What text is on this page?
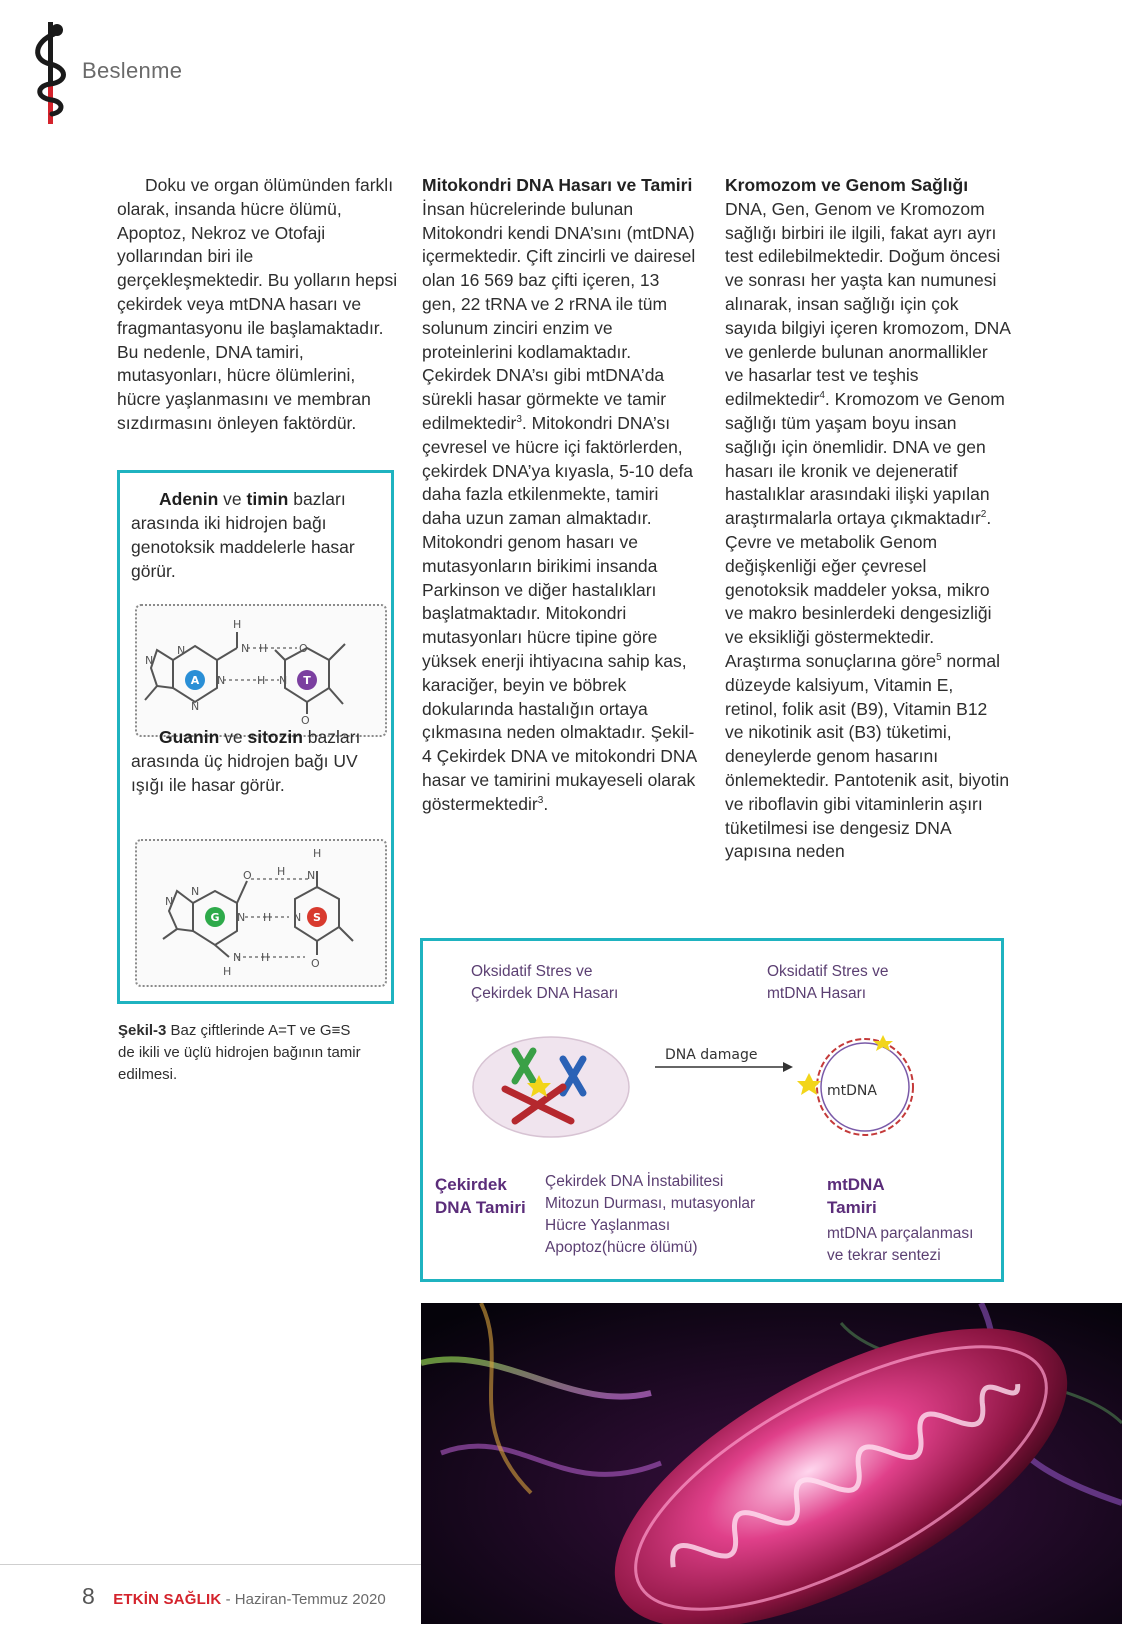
Beslenme

Doku ve organ ölümünden farklı olarak, insanda hücre ölümü, Apoptoz, Nekroz ve Otofaji yollarından biri ile gerçekleşmektedir. Bu yolların hepsi çekirdek veya mtDNA hasarı ve fragmantasyonu ile başlamaktadır. Bu nedenle, DNA tamiri, mutasyonları, hücre ölümlerini, hücre yaşlanmasını ve membran sızdırmasını önleyen faktördür.

Adenin ve timin bazları arasında iki hidrojen bağı genotoksik maddelerle hasar görür.
H
N H	O
N	H N
O
N
N
N
A	T
Guanin ve sitozin bazları arasında üç hidrojen bağı UV ışığı ile hasar görür.
O H N
H
N H N
N H	O
H
N
N
G	S
Şekil-3 Baz çiftlerinde A=T ve G≡S de ikili ve üçlü hidrojen bağının tamir edilmesi.
Mitokondri DNA Hasarı ve Tamiri

İnsan hücrelerinde bulunan Mitokondri kendi DNA’sını (mtDNA) içermektedir. Çift zincirli ve dairesel olan 16 569 baz çifti içeren, 13 gen, 22 tRNA ve 2 rRNA ile tüm solunum zinciri enzim ve proteinlerini kodlamaktadır. Çekirdek DNA’sı gibi mtDNA’da sürekli hasar görmekte ve tamir edilmektedir$^3$. Mitokondri DNA’sı çevresel ve hücre içi faktörlerden, çekirdek DNA’ya kıyasla, 5-10 defa daha fazla etkilenmekte, tamiri daha uzun zaman almaktadır. Mitokondri genom hasarı ve mutasyonların birikimi insanda Parkinson ve diğer hastalıkları başlatmaktadır. Mitokondri mutasyonları hücre tipine göre yüksek enerji ihtiyacına sahip kas, karaciğer, beyin ve böbrek dokularında hastalığın ortaya çıkmasına neden olmaktadır. Şekil-4 Çekirdek DNA ve mitokondri DNA hasar ve tamirini mukayeseli olarak göstermektedir$^3$.

Kromozom ve Genom Sağlığı

DNA, Gen, Genom ve Kromozom sağlığı birbiri ile ilgili, fakat ayrı ayrı test edilebilmektedir. Doğum öncesi ve sonrası her yaşta kan numunesi alınarak, insan sağlığı için çok sayıda bilgiyi içeren kromozom, DNA ve genlerde bulunan anormallikler ve hasarlar test ve teşhis edilmektedir$^4$. Kromozom ve Genom sağlığı tüm yaşam boyu insan sağlığı için önemlidir. DNA ve gen hasarı ile kronik ve dejeneratif hastalıklar arasındaki ilişki yapılan araştırmalarla ortaya çıkmaktadır$^2$. Çevre ve metabolik Genom değişkenliği eğer çevresel genotoksik maddeler yoksa, mikro ve makro besinlerdeki dengesizliği ve eksikliği göstermektedir. Araştırma sonuçlarına göre$^5$ normal düzeyde kalsiyum, Vitamin E, retinol, folik asit (B9), Vitamin B12 ve nikotinik asit (B3) tüketimi, deneylerde genom hasarını önlemektedir. Pantotenik asit, biyotin ve riboflavin gibi vitaminlerin aşırı tüketilmesi ise dengesiz DNA yapısına neden

Oksidatif Stres ve
Çekirdek DNA Hasarı
Oksidatif Stres ve
mtDNA Hasarı
DNA damage
mtDNA
Çekirdek
DNA Tamiri
Çekirdek DNA İnstabilitesi
Mitozun Durması, mutasyonlar
Hücre Yaşlanması
Apoptoz(hücre ölümü)
mtDNA
Tamiri
mtDNA parçalanması
ve tekrar sentezi
8 ETKİN SAĞLIK - Haziran-Temmuz 2020
